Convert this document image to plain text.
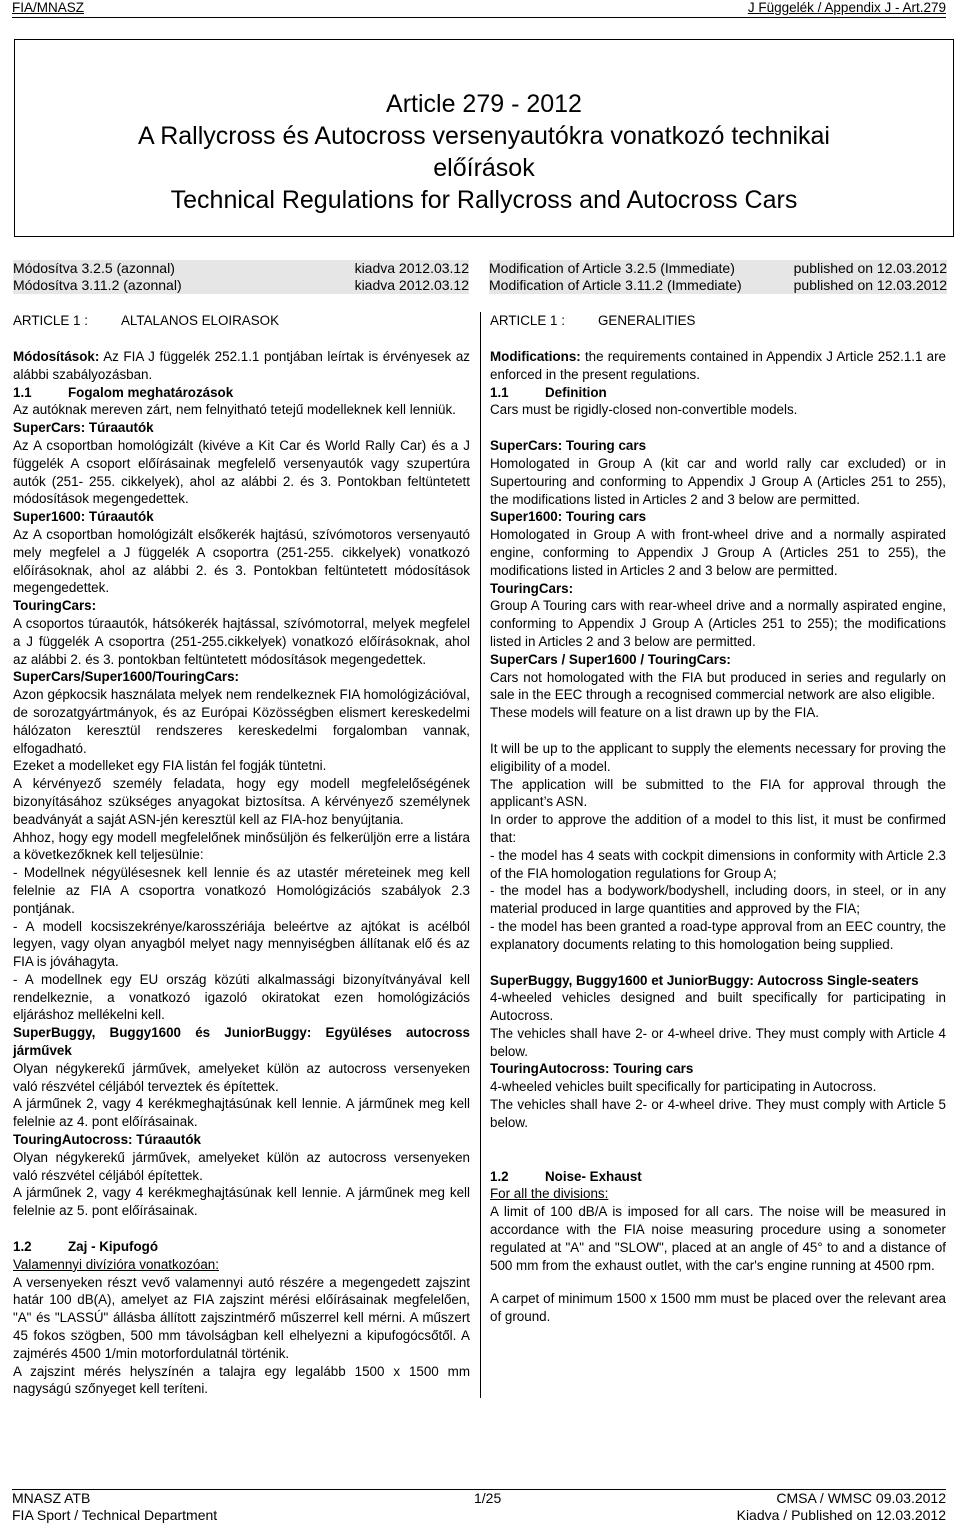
FIA/MNASZ	J Függelék / Appendix J - Art.279
Article 279 - 2012
A Rallycross és Autocross versenyautókra vonatkozó technikai
előírások
Technical Regulations for Rallycross and Autocross Cars
Módosítva 3.2.5 (azonnal)	kiadva 2012.03.12
Módosítva 3.11.2 (azonnal)	kiadva 2012.03.12
Modification of Article 3.2.5 (Immediate)	published on 12.03.2012
Modification of Article 3.11.2 (Immediate)	published on 12.03.2012
ARTICLE 1 :	ALTALANOS ELOIRASOK

Módosítások: Az FIA J függelék 252.1.1 pontjában leírtak is érvényesek az alábbi szabályozásban.

1.1	Fogalom meghatározások

Az autóknak mereven zárt, nem felnyitható tetejű modelleknek kell lenniük.

SuperCars: Túraautók

Az A csoportban homológizált (kivéve a Kit Car és World Rally Car) és a J függelék A csoport előírásainak megfelelő versenyautók vagy szupertúra autók (251- 255. cikkelyek), ahol az alábbi 2. és 3. Pontokban feltüntetett módosítások megengedettek.

Super1600: Túraautók

Az A csoportban homológizált elsőkerék hajtású, szívómotoros versenyautó mely megfelel a J függelék A csoportra (251-255. cikkelyek) vonatkozó előírásoknak, ahol az alábbi 2. és 3. Pontokban feltüntetett módosítások megengedettek.

TouringCars:

A csoportos túraautók, hátsókerék hajtással, szívómotorral, melyek megfelel a J függelék A csoportra (251-255.cikkelyek) vonatkozó előírásoknak, ahol az alábbi 2. és 3. pontokban feltüntetett módosítások megengedettek.

SuperCars/Super1600/TouringCars:

Azon gépkocsik használata melyek nem rendelkeznek FIA homológizációval, de sorozatgyártmányok, és az Európai Közösségben elismert kereskedelmi hálózaton keresztül rendszeres kereskedelmi forgalomban vannak, elfogadható.

Ezeket a modelleket egy FIA listán fel fogják tüntetni.

A kérvényező személy feladata, hogy egy modell megfelelőségének bizonyításához szükséges anyagokat biztosítsa. A kérvényező személynek beadványát a saját ASN-jén keresztül kell az FIA-hoz benyújtania.

Ahhoz, hogy egy modell megfelelőnek minősüljön és felkerüljön erre a listára a következőknek kell teljesülnie:

- Modellnek négyülésesnek kell lennie és az utastér méreteinek meg kell felelnie az FIA A csoportra vonatkozó Homológizációs szabályok 2.3 pontjának.

- A modell kocsiszekrénye/karosszériája beleértve az ajtókat is acélból legyen, vagy olyan anyagból melyet nagy mennyiségben állítanak elő és az FIA is jóváhagyta.

- A modellnek egy EU ország közúti alkalmassági bizonyítványával kell rendelkeznie, a vonatkozó igazoló okiratokat ezen homológizációs eljáráshoz mellékelni kell.

SuperBuggy, Buggy1600 és JuniorBuggy: Együléses autocross járművek

Olyan négykerekű járművek, amelyeket külön az autocross versenyeken való részvétel céljából terveztek és építettek.

A járműnek 2, vagy 4 kerékmeghajtásúnak kell lennie. A járműnek meg kell felelnie az 4. pont előírásainak.

TouringAutocross: Túraautók

Olyan négykerekű járművek, amelyeket külön az autocross versenyeken való részvétel céljából építettek.

A járműnek 2, vagy 4 kerékmeghajtásúnak kell lennie. A járműnek meg kell felelnie az 5. pont előírásainak.

1.2	Zaj - Kipufogó

Valamennyi divízióra vonatkozóan:

A versenyeken részt vevő valamennyi autó részére a megengedett zajszint határ 100 dB(A), amelyet az FIA zajszint mérési előírásainak megfelelően, "A" és "LASSÚ" állásba állított zajszintmérő műszerrel kell mérni. A műszert 45 fokos szögben, 500 mm távolságban kell elhelyezni a kipufogócsőtől. A zajmérés 4500 1/min motorfordulatnál történik.

A zajszint mérés helyszínén a talajra egy legalább 1500 x 1500 mm nagyságú szőnyeget kell teríteni.

ARTICLE 1 :	GENERALITIES

Modifications: the requirements contained in Appendix J Article 252.1.1 are enforced in the present regulations.

1.1	Definition

Cars must be rigidly-closed non-convertible models.

SuperCars: Touring cars

Homologated in Group A (kit car and world rally car excluded) or in Supertouring and conforming to Appendix J Group A (Articles 251 to 255), the modifications listed in Articles 2 and 3 below are permitted.

Super1600: Touring cars

Homologated in Group A with front-wheel drive and a normally aspirated engine, conforming to Appendix J Group A (Articles 251 to 255), the modifications listed in Articles 2 and 3 below are permitted.

TouringCars:

Group A Touring cars with rear-wheel drive and a normally aspirated engine, conforming to Appendix J Group A (Articles 251 to 255); the modifications listed in Articles 2 and 3 below are permitted.

SuperCars / Super1600 / TouringCars:

Cars not homologated with the FIA but produced in series and regularly on sale in the EEC through a recognised commercial network are also eligible.

These models will feature on a list drawn up by the FIA.

It will be up to the applicant to supply the elements necessary for proving the eligibility of a model.

The application will be submitted to the FIA for approval through the applicant’s ASN.

In order to approve the addition of a model to this list, it must be confirmed that:

- the model has 4 seats with cockpit dimensions in conformity with Article 2.3 of the FIA homologation regulations for Group A;

- the model has a bodywork/bodyshell, including doors, in steel, or in any material produced in large quantities and approved by the FIA;

- the model has been granted a road-type approval from an EEC country, the explanatory documents relating to this homologation being supplied.

SuperBuggy, Buggy1600 et JuniorBuggy: Autocross Single-seaters

4-wheeled vehicles designed and built specifically for participating in Autocross.

The vehicles shall have 2- or 4-wheel drive. They must comply with Article 4 below.

TouringAutocross: Touring cars

4-wheeled vehicles built specifically for participating in Autocross.

The vehicles shall have 2- or 4-wheel drive. They must comply with Article 5 below.

1.2	Noise- Exhaust

For all the divisions:

A limit of 100 dB/A is imposed for all cars. The noise will be measured in accordance with the FIA noise measuring procedure using a sonometer regulated at "A" and "SLOW", placed at an angle of 45° to and a distance of 500 mm from the exhaust outlet, with the car's engine running at 4500 rpm.

A carpet of minimum 1500 x 1500 mm must be placed over the relevant area of ground.

MNASZ ATB	1/25	CMSA / WMSC 09.03.2012
FIA Sport / Technical Department	Kiadva / Published on 12.03.2012
